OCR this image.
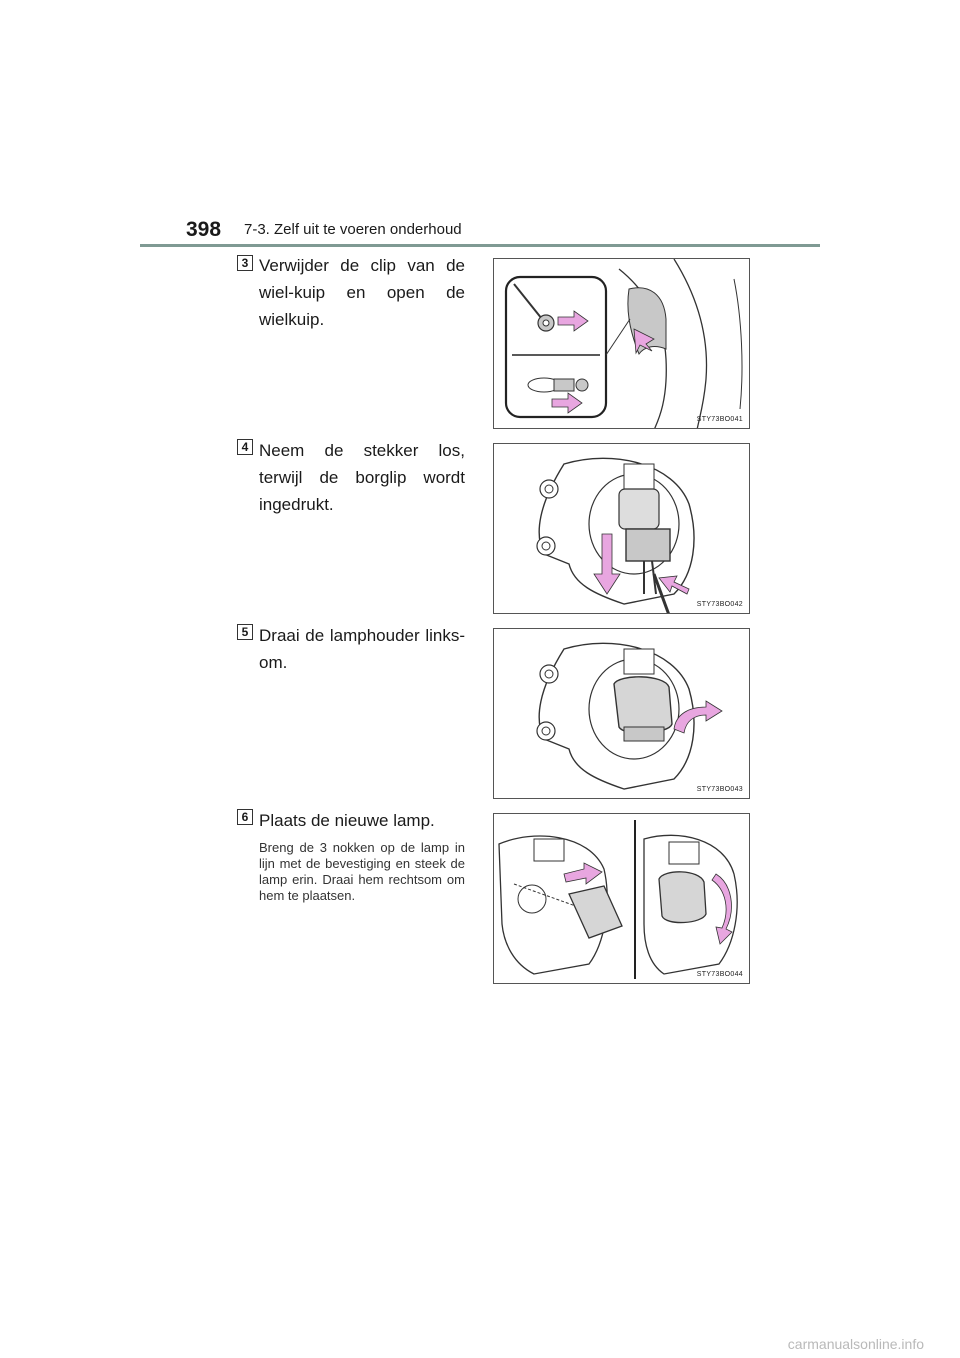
398 7-3. Zelf uit te voeren onderhoud
3 Verwijder de clip van de wiel-kuip en open de wielkuip.
STY73BO041
4 Neem de stekker los, terwijl de borglip wordt ingedrukt.
STY73BO042
5 Draai de lamphouder links-om.
STY73BO043
6 Plaats de nieuwe lamp.
Breng de 3 nokken op de lamp in lijn met de bevestiging en steek de lamp erin. Draai hem rechtsom om hem te plaatsen.
STY73BO044
carmanualsonline.info
